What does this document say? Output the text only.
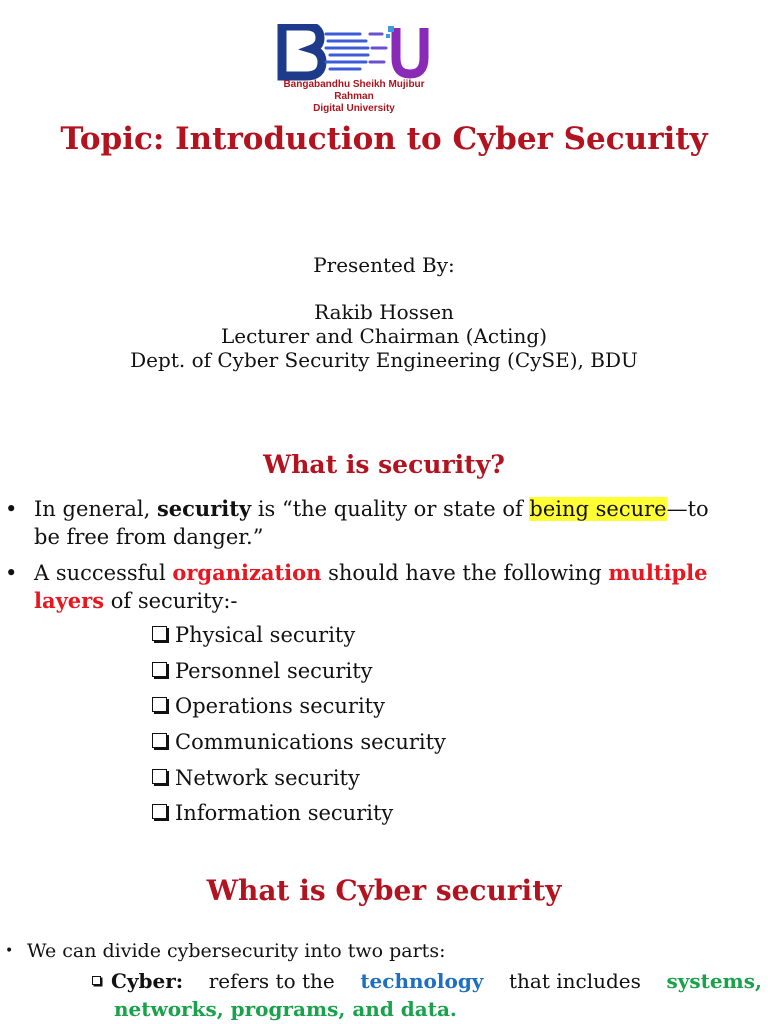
Bangabandhu Sheikh Mujibur Rahman
Digital University
Topic: Introduction to Cyber Security
Presented By:
Rakib Hossen
Lecturer and Chairman (Acting)
Dept. of Cyber Security Engineering (CySE), BDU
What is security?
• In general, security is “the quality or state of being secure—to
be free from danger.”
• A successful organization should have the following multiple
layers of security:-
Physical security
Personnel security
Operations security
Communications security
Network security
Information security
What is Cyber security
• We can divide cybersecurity into two parts:
Cyber: refers to the technology that includes systems,
networks, programs, and data.
